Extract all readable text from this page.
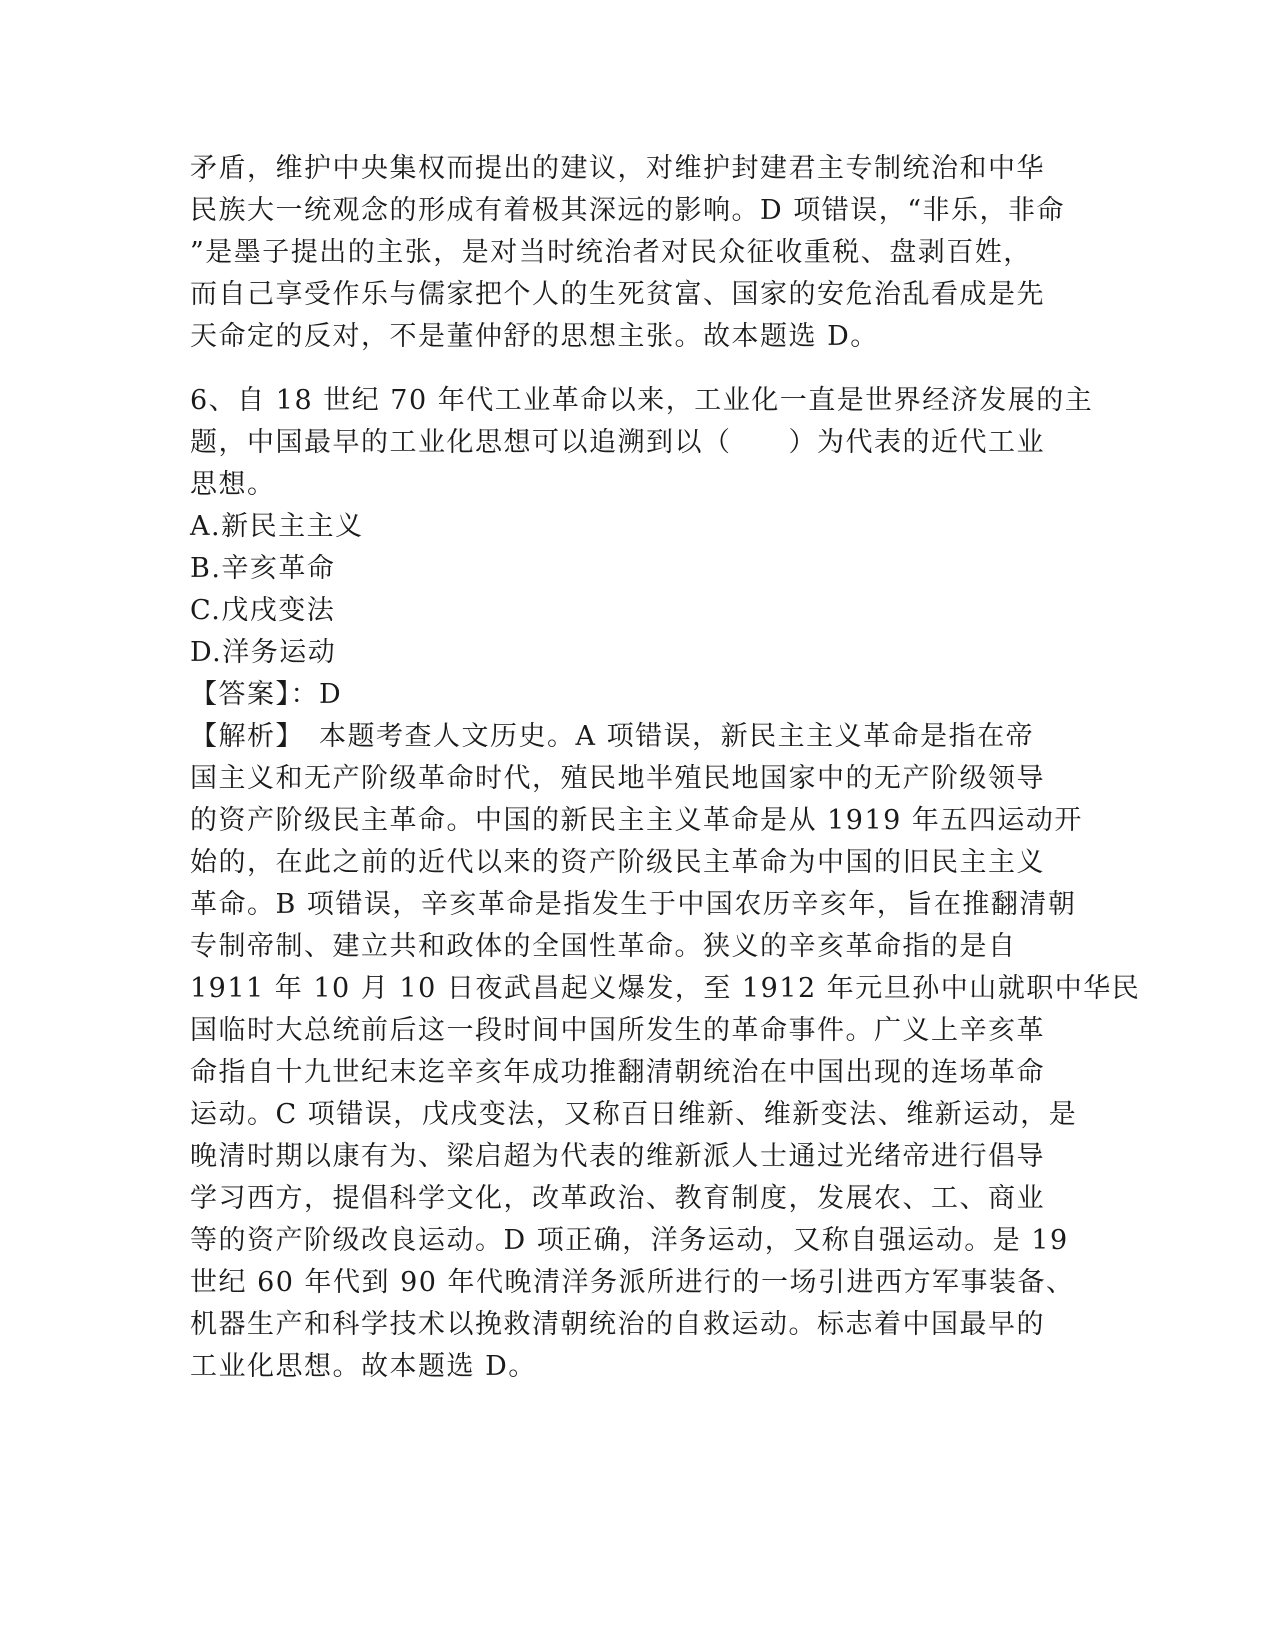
矛盾，维护中央集权而提出的建议，对维护封建君主专制统治和中华
民族大一统观念的形成有着极其深远的影响。D 项错误，“非乐，非命
”是墨子提出的主张，是对当时统治者对民众征收重税、盘剥百姓，
而自己享受作乐与儒家把个人的生死贫富、国家的安危治乱看成是先
天命定的反对，不是董仲舒的思想主张。故本题选 D。
6、自 18 世纪 70 年代工业革命以来，工业化一直是世界经济发展的主
题，中国最早的工业化思想可以追溯到以（　　）为代表的近代工业
思想。
A.新民主主义
B.辛亥革命
C.戊戌变法
D.洋务运动
【答案】：D
【解析】　本题考查人文历史。A 项错误，新民主主义革命是指在帝
国主义和无产阶级革命时代，殖民地半殖民地国家中的无产阶级领导
的资产阶级民主革命。中国的新民主主义革命是从 1919 年五四运动开
始的，在此之前的近代以来的资产阶级民主革命为中国的旧民主主义
革命。B 项错误，辛亥革命是指发生于中国农历辛亥年，旨在推翻清朝
专制帝制、建立共和政体的全国性革命。狭义的辛亥革命指的是自
1911 年 10 月 10 日夜武昌起义爆发，至 1912 年元旦孙中山就职中华民
国临时大总统前后这一段时间中国所发生的革命事件。广义上辛亥革
命指自十九世纪末迄辛亥年成功推翻清朝统治在中国出现的连场革命
运动。C 项错误，戊戌变法，又称百日维新、维新变法、维新运动，是
晚清时期以康有为、梁启超为代表的维新派人士通过光绪帝进行倡导
学习西方，提倡科学文化，改革政治、教育制度，发展农、工、商业
等的资产阶级改良运动。D 项正确，洋务运动，又称自强运动。是 19
世纪 60 年代到 90 年代晚清洋务派所进行的一场引进西方军事装备、
机器生产和科学技术以挽救清朝统治的自救运动。标志着中国最早的
工业化思想。故本题选 D。
